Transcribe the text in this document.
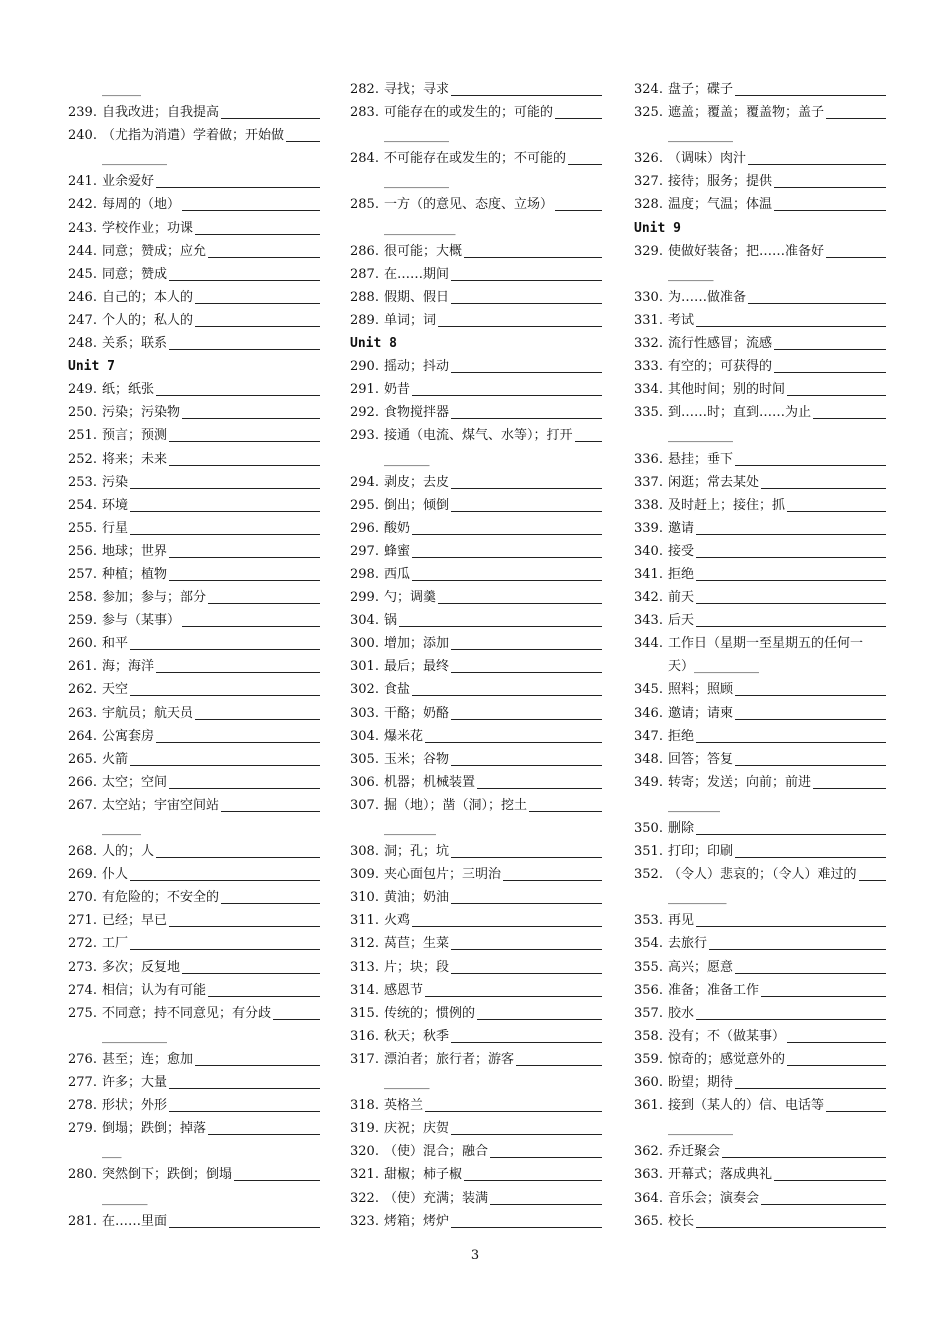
______
239. 自我改进；自我提高
240. （尤指为消遣）学着做；开始做
__________
241. 业余爱好
242. 每周的（地）
243. 学校作业；功课
244. 同意；赞成；应允
245. 同意；赞成
246. 自己的；本人的
247. 个人的；私人的
248. 关系；联系
Unit 7
249. 纸；纸张
250. 污染；污染物
251. 预言；预测
252. 将来；未来
253. 污染
254. 环境
255. 行星
256. 地球；世界
257. 种植；植物
258. 参加；参与；部分
259. 参与（某事）
260. 和平
261. 海；海洋
262. 天空
263. 宇航员；航天员
264. 公寓套房
265. 火箭
266. 太空；空间
267. 太空站；宇宙空间站
______
268. 人的；人
269. 仆人
270. 有危险的；不安全的
271. 已经；早已
272. 工厂
273. 多次；反复地
274. 相信；认为有可能
275. 不同意；持不同意见；有分歧
__________
276. 甚至；连；愈加
277. 许多；大量
278. 形状；外形
279. 倒塌；跌倒；掉落
___
280. 突然倒下；跌倒；倒塌
_______
281. 在……里面
282. 寻找；寻求
283. 可能存在的或发生的；可能的
__________
284. 不可能存在或发生的；不可能的
__________
285. 一方（的意见、态度、立场）
___________
286. 很可能；大概
287. 在……期间
288. 假期、假日
289. 单词；词
Unit 8
290. 摇动；抖动
291. 奶昔
292. 食物搅拌器
293. 接通（电流、煤气、水等）；打开
_______
294. 剥皮；去皮
295. 倒出；倾倒
296. 酸奶
297. 蜂蜜
298. 西瓜
299. 勺；调羹
304. 锅
300. 增加；添加
301. 最后；最终
302. 食盐
303. 干酪；奶酪
304. 爆米花
305. 玉米；谷物
306. 机器；机械装置
307. 掘（地）；凿（洞）；挖土
________
308. 洞；孔；坑
309. 夹心面包片；三明治
310. 黄油；奶油
311. 火鸡
312. 莴苣；生菜
313. 片；块；段
314. 感恩节
315. 传统的；惯例的
316. 秋天；秋季
317. 漂泊者；旅行者；游客
_______
318. 英格兰
319. 庆祝；庆贺
320. （使）混合；融合
321. 甜椒；柿子椒
322. （使）充满；装满
323. 烤箱；烤炉
324. 盘子；碟子
325. 遮盖；覆盖；覆盖物；盖子
__________
326. （调味）肉汁
327. 接待；服务；提供
328. 温度；气温；体温
Unit 9
329. 使做好装备；把……准备好
_______
330. 为……做准备
331. 考试
332. 流行性感冒；流感
333. 有空的；可获得的
334. 其他时间；别的时间
335. 到……时；直到……为止
__________
336. 悬挂；垂下
337. 闲逛；常去某处
338. 及时赶上；接住；抓
339. 邀请
340. 接受
341. 拒绝
342. 前天
343. 后天
344. 工作日（星期一至星期五的任何一
天）__________
345. 照料；照顾
346. 邀请；请柬
347. 拒绝
348. 回答；答复
349. 转寄；发送；向前；前进
________
350. 删除
351. 打印；印刷
352. （令人）悲哀的；（令人）难过的
_________
353. 再见
354. 去旅行
355. 高兴；愿意
356. 准备；准备工作
357. 胶水
358. 没有；不（做某事）
359. 惊奇的；感觉意外的
360. 盼望；期待
361. 接到（某人的）信、电话等
__________
362. 乔迁聚会
363. 开幕式；落成典礼
364. 音乐会；演奏会
365. 校长
3
